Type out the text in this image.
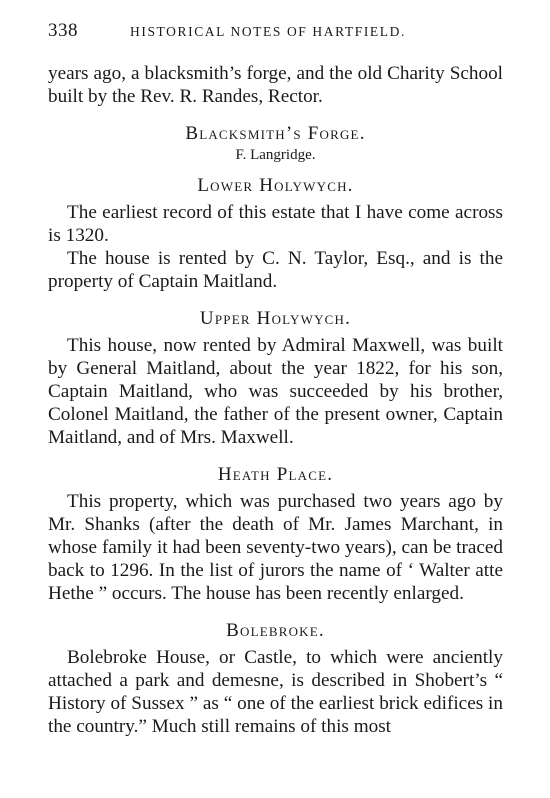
338	HISTORICAL NOTES OF HARTFIELD.

years ago, a blacksmith’s forge, and the old Charity School built by the Rev. R. Randes, Rector.

Blacksmith’s Forge.
F. Langridge.
Lower Holywych.

The earliest record of this estate that I have come across is 1320.

The house is rented by C. N. Taylor, Esq., and is the property of Captain Maitland.

Upper Holywych.

This house, now rented by Admiral Maxwell, was built by General Maitland, about the year 1822, for his son, Captain Maitland, who was succeeded by his brother, Colonel Maitland, the father of the present owner, Captain Maitland, and of Mrs. Maxwell.

Heath Place.

This property, which was purchased two years ago by Mr. Shanks (after the death of Mr. James Marchant, in whose family it had been seventy-two years), can be traced back to 1296. In the list of jurors the name of ‘ Walter atte Hethe ” occurs. The house has been recently enlarged.

Bolebroke.

Bolebroke House, or Castle, to which were anciently attached a park and demesne, is described in Shobert’s “ History of Sussex ” as “ one of the earliest brick edifices in the country.” Much still remains of this most
